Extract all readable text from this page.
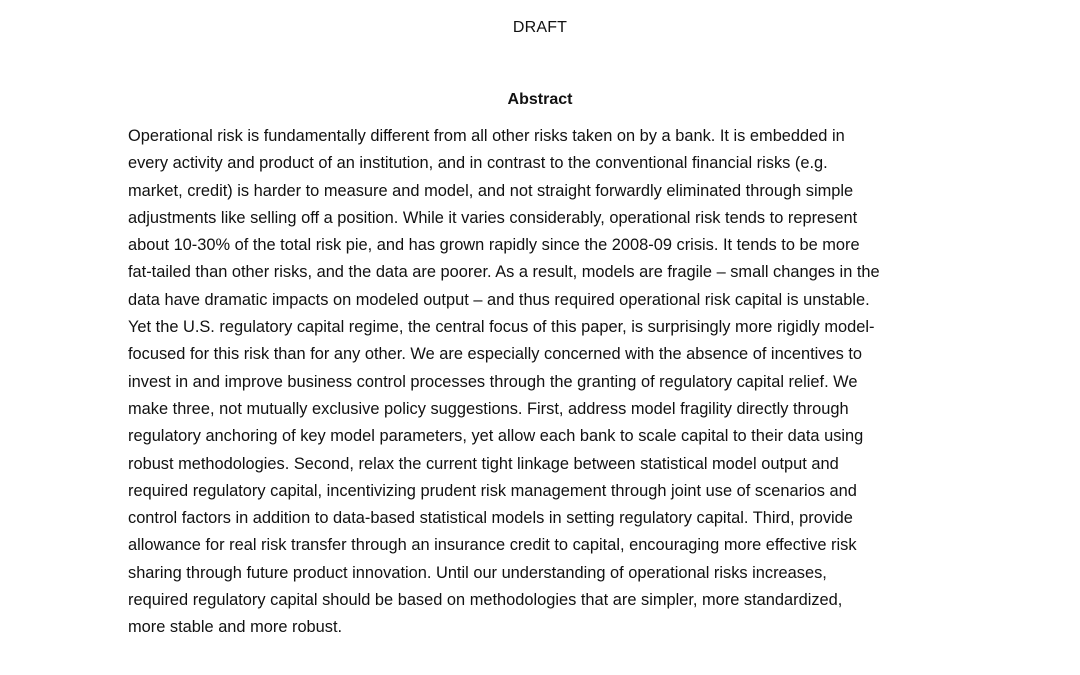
DRAFT
Abstract
Operational risk is fundamentally different from all other risks taken on by a bank. It is embedded in
every activity and product of an institution, and in contrast to the conventional financial risks (e.g.
market, credit) is harder to measure and model, and not straight forwardly eliminated through simple
adjustments like selling off a position. While it varies considerably, operational risk tends to represent
about 10-30% of the total risk pie, and has grown rapidly since the 2008-09 crisis. It tends to be more
fat-tailed than other risks, and the data are poorer. As a result, models are fragile – small changes in the
data have dramatic impacts on modeled output – and thus required operational risk capital is unstable.
Yet the U.S. regulatory capital regime, the central focus of this paper, is surprisingly more rigidly model-
focused for this risk than for any other. We are especially concerned with the absence of incentives to
invest in and improve business control processes through the granting of regulatory capital relief. We
make three, not mutually exclusive policy suggestions. First, address model fragility directly through
regulatory anchoring of key model parameters, yet allow each bank to scale capital to their data using
robust methodologies. Second, relax the current tight linkage between statistical model output and
required regulatory capital, incentivizing prudent risk management through joint use of scenarios and
control factors in addition to data-based statistical models in setting regulatory capital. Third, provide
allowance for real risk transfer through an insurance credit to capital, encouraging more effective risk
sharing through future product innovation. Until our understanding of operational risks increases,
required regulatory capital should be based on methodologies that are simpler, more standardized,
more stable and more robust.
